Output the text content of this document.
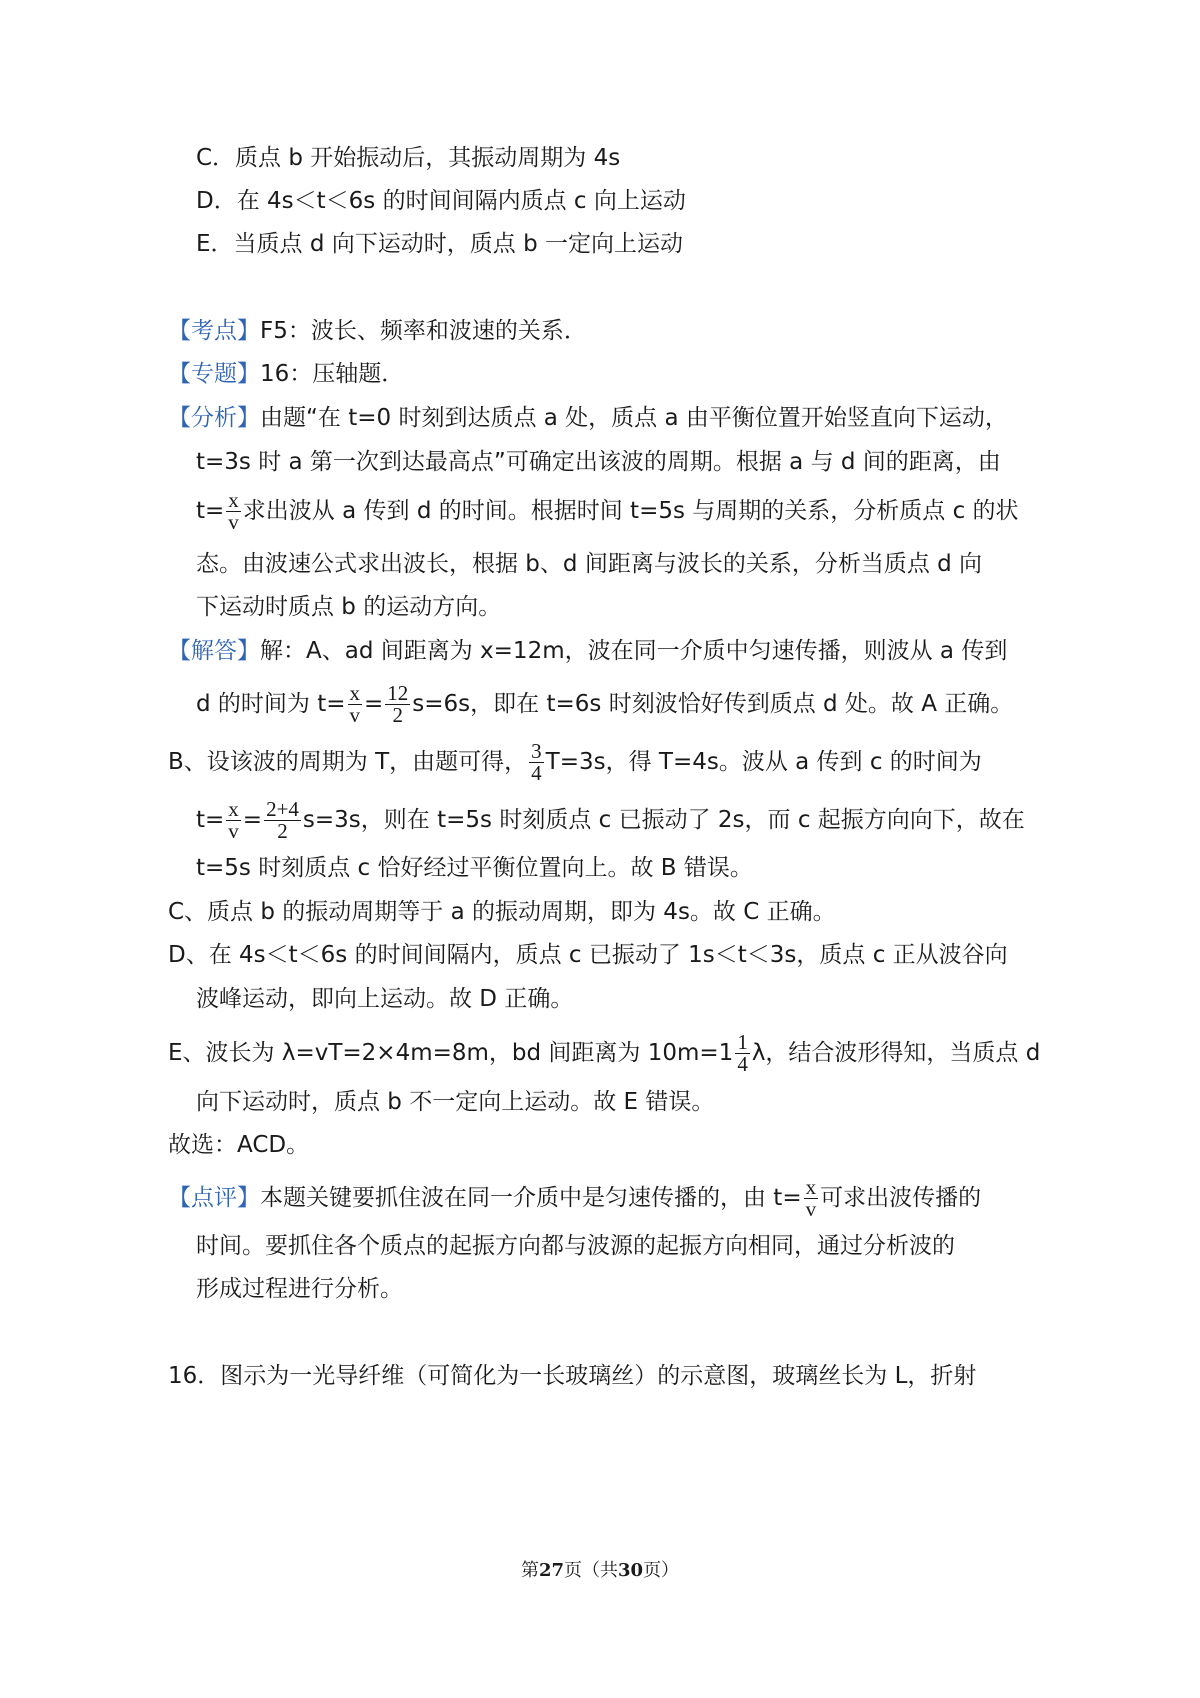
C．质点 b 开始振动后，其振动周期为 4s
D．在 4s＜t＜6s 的时间间隔内质点 c 向上运动
E．当质点 d 向下运动时，质点 b 一定向上运动
【考点】F5：波长、频率和波速的关系．
【专题】16：压轴题．
【分析】由题“在 t=0 时刻到达质点 a 处，质点 a 由平衡位置开始竖直向下运动，
t=3s 时 a 第一次到达最高点”可确定出该波的周期。根据 a 与 d 间的距离，由
$t= \frac{x}{v}$ 求出波从 a 传到 d 的时间。根据时间 t=5s 与周期的关系，分析质点 c 的状
态。由波速公式求出波长，根据 b、d 间距离与波长的关系，分析当质点 d 向
下运动时质点 b 的运动方向。
【解答】解：A、ad 间距离为 x=12m，波在同一介质中匀速传播，则波从 a 传到
d 的时间为 $t= \frac{x}{v} = \frac{12}{2} s=6s$，即在 t=6s 时刻波恰好传到质点 d 处。故 A 正确。
B、设该波的周期为 T，由题可得， $\frac{3}{4} T=3s$，得 T=4s。波从 a 传到 c 的时间为
$t= \frac{x}{v} = \frac{2+4}{2} s=3s$，则在 t=5s 时刻质点 c 已振动了 2s，而 c 起振方向向下，故在
t=5s 时刻质点 c 恰好经过平衡位置向上。故 B 错误。
C、质点 b 的振动周期等于 a 的振动周期，即为 4s。故 C 正确。
D、在 4s＜t＜6s 的时间间隔内，质点 c 已振动了 1s＜t＜3s，质点 c 正从波谷向
波峰运动，即向上运动。故 D 正确。
E、波长为 λ=vT=2×4m=8m，bd 间距离为 $10m=1 \frac{1}{4}$ λ，结合波形得知，当质点 d
向下运动时，质点 b 不一定向上运动。故 E 错误。
故选：ACD。
【点评】本题关键要抓住波在同一介质中是匀速传播的，由 $t= \frac{x}{v}$ 可求出波传播的
时间。要抓住各个质点的起振方向都与波源的起振方向相同，通过分析波的
形成过程进行分析。
16．图示为一光导纤维（可简化为一长玻璃丝）的示意图，玻璃丝长为 L，折射
第27页（共30页）
